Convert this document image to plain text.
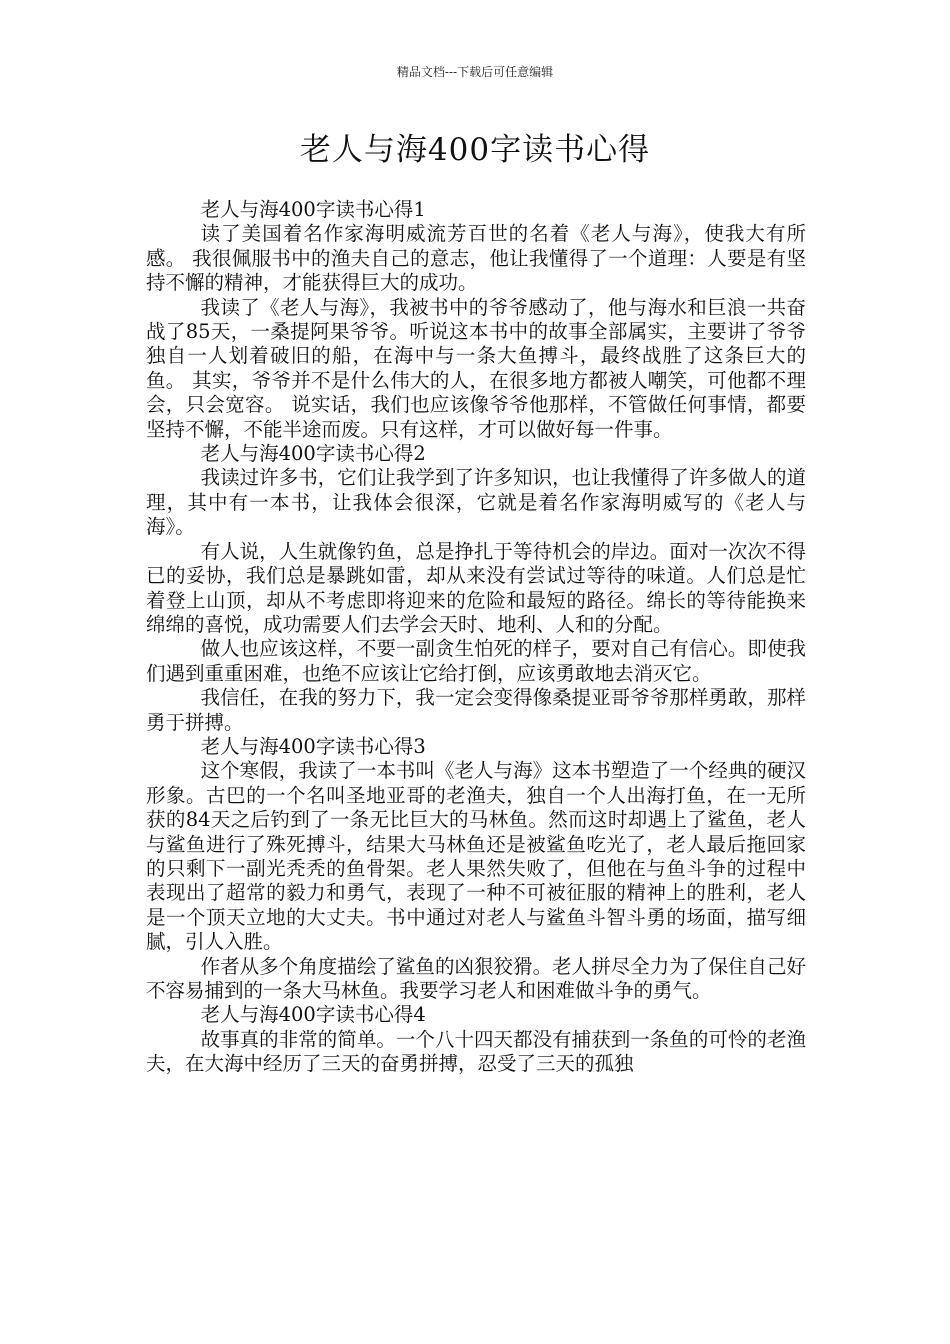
精品文档---下载后可任意编辑
老人与海400字读书心得
老人与海400字读书心得1

读了美国着名作家海明威流芳百世的名着《老人与海》，使我大有所感。 我很佩服书中的渔夫自己的意志，他让我懂得了一个道理：人要是有坚持不懈的精神，才能获得巨大的成功。

我读了《老人与海》，我被书中的爷爷感动了，他与海水和巨浪一共奋战了85天，一桑提阿果爷爷。听说这本书中的故事全部属实，主要讲了爷爷独自一人划着破旧的船，在海中与一条大鱼搏斗，最终战胜了这条巨大的鱼。 其实，爷爷并不是什么伟大的人，在很多地方都被人嘲笑，可他都不理会，只会宽容。 说实话，我们也应该像爷爷他那样，不管做任何事情，都要坚持不懈，不能半途而废。只有这样，才可以做好每一件事。

老人与海400字读书心得2

我读过许多书，它们让我学到了许多知识，也让我懂得了许多做人的道理，其中有一本书，让我体会很深，它就是着名作家海明威写的《老人与海》。

有人说，人生就像钓鱼，总是挣扎于等待机会的岸边。面对一次次不得已的妥协，我们总是暴跳如雷，却从来没有尝试过等待的味道。人们总是忙着登上山顶，却从不考虑即将迎来的危险和最短的路径。绵长的等待能换来绵绵的喜悦，成功需要人们去学会天时、地利、人和的分配。

做人也应该这样，不要一副贪生怕死的样子，要对自己有信心。即使我们遇到重重困难，也绝不应该让它给打倒，应该勇敢地去消灭它。

我信任，在我的努力下，我一定会变得像桑提亚哥爷爷那样勇敢，那样勇于拼搏。

老人与海400字读书心得3

这个寒假，我读了一本书叫《老人与海》这本书塑造了一个经典的硬汉形象。古巴的一个名叫圣地亚哥的老渔夫，独自一个人出海打鱼，在一无所获的84天之后钓到了一条无比巨大的马林鱼。然而这时却遇上了鲨鱼，老人与鲨鱼进行了殊死搏斗，结果大马林鱼还是被鲨鱼吃光了，老人最后拖回家的只剩下一副光秃秃的鱼骨架。老人果然失败了，但他在与鱼斗争的过程中表现出了超常的毅力和勇气，表现了一种不可被征服的精神上的胜利，老人是一个顶天立地的大丈夫。书中通过对老人与鲨鱼斗智斗勇的场面，描写细腻，引人入胜。

作者从多个角度描绘了鲨鱼的凶狠狡猾。老人拼尽全力为了保住自己好不容易捕到的一条大马林鱼。我要学习老人和困难做斗争的勇气。

老人与海400字读书心得4

故事真的非常的简单。一个八十四天都没有捕获到一条鱼的可怜的老渔夫，在大海中经历了三天的奋勇拼搏，忍受了三天的孤独
